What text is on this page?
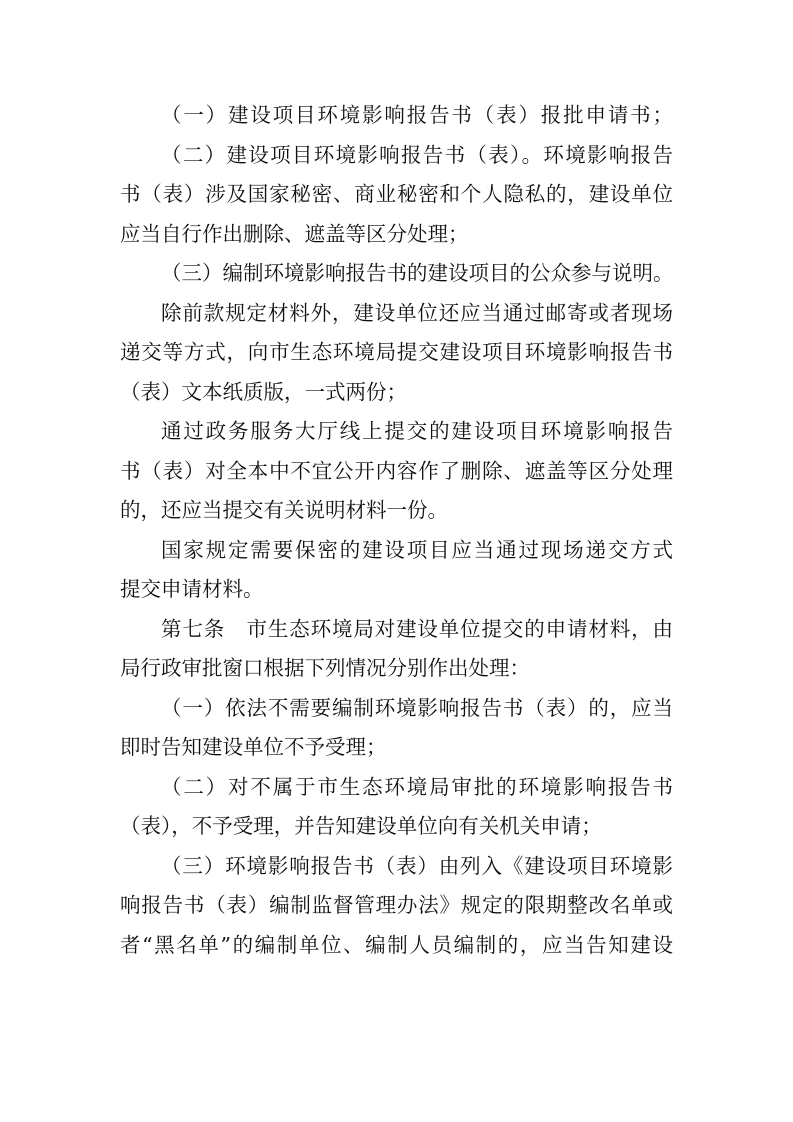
（一）建设项目环境影响报告书（表）报批申请书；
（二）建设项目环境影响报告书（表）。环境影响报告
书（表）涉及国家秘密、商业秘密和个人隐私的，建设单位
应当自行作出删除、遮盖等区分处理；
（三）编制环境影响报告书的建设项目的公众参与说明。
除前款规定材料外，建设单位还应当通过邮寄或者现场
递交等方式，向市生态环境局提交建设项目环境影响报告书
（表）文本纸质版，一式两份；
通过政务服务大厅线上提交的建设项目环境影响报告
书（表）对全本中不宜公开内容作了删除、遮盖等区分处理
的，还应当提交有关说明材料一份。
国家规定需要保密的建设项目应当通过现场递交方式
提交申请材料。
第七条　市生态环境局对建设单位提交的申请材料，由
局行政审批窗口根据下列情况分别作出处理：
（一）依法不需要编制环境影响报告书（表）的，应当
即时告知建设单位不予受理；
（二）对不属于市生态环境局审批的环境影响报告书
（表），不予受理，并告知建设单位向有关机关申请；
（三）环境影响报告书（表）由列入《建设项目环境影
响报告书（表）编制监督管理办法》规定的限期整改名单或
者“黑名单”的编制单位、编制人员编制的，应当告知建设
